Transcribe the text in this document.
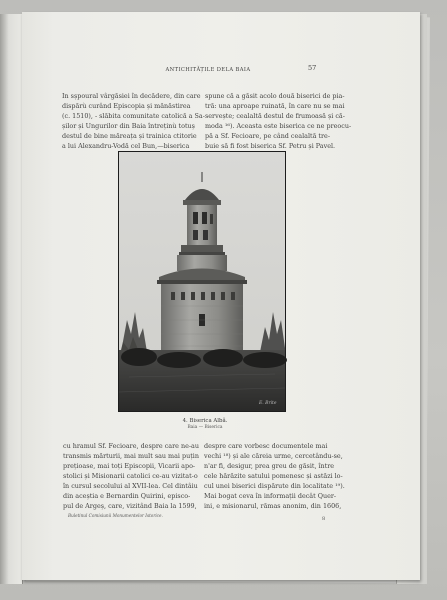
ANTICHITĂȚILE DELA BAIA	57
In sșpoural vârgăsiei în decădere, din care
dispărù curând Episcopia și mănăstirea
(c. 1510), - slăbita comunitate catolică a Sa-
șilor și Ungurilor din Baia întreținù totuș
destul de bine măreața și trainica ctitorie
a lui Alexandru-Vodă cel Bun,—biserica
spune că a găsit acolo două biserici de pia-
tră: una aproape ruinată, în care nu se mai
servește; cealaltă destul de frumoasă și că-
moda ¹⁶). Aceasta este biserica ce ne preocu-
pă a Sf. Fecioare, pe când cealaltă tre-
buie să fi fost biserica Sf. Petru și Pavel.
E. Brite
4. Biserica Albă.
Baia — Biserica
cu hramul Sf. Fecioare, despre care ne-au
transmis mărturii, mai mult sau mai puțin
prețioase, mai toți Episcopii, Vicarii apo-
stolici și Misionarii catolici ce-au vizitat-o
în cursul secolului al XVII-lea. Cel dintâiu
din aceștia e Bernardin Quirini, episco-
pul de Argeș, care, vizitând Baia la 1599,
despre care vorbesc documentele mai
vechi ¹⁸) și ale căreia urme, cercetându-se,
n'ar fi, desigur, prea greu de găsit, între
cele hărăzite satului pomenesc și astăzi lo-
cul unei biserici dispărute din localitate ¹⁹).
Mai bogat ceva în informații decât Quer-
ini, e misionarul, rămas anonim, din 1606,
Buletinul Comisiunii Monumentelor Istorice.
8
